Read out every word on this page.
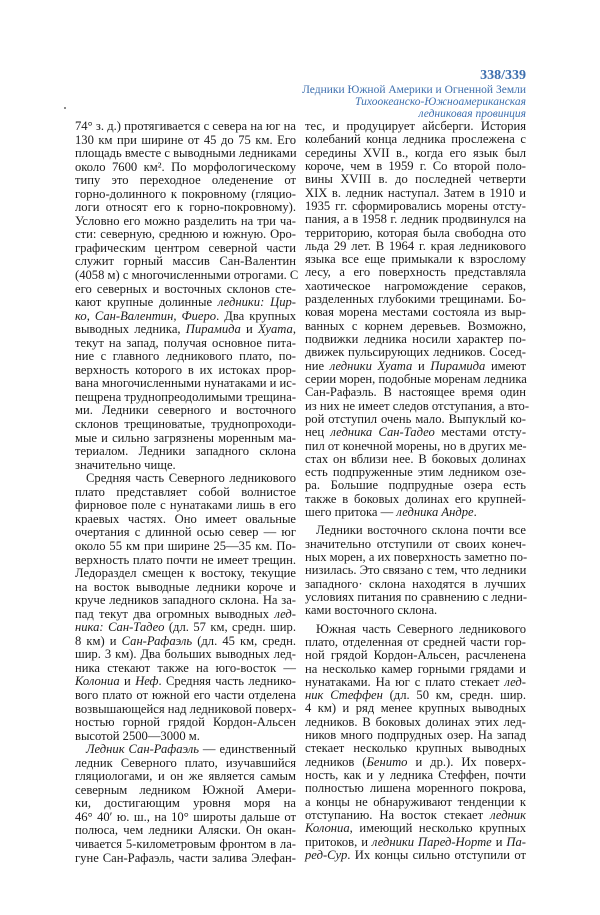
338/339
Ледники Южной Америки и Огненной Земли
Тихоокеанско-Южноамериканская
ледниковая провинция
74° з. д.) протягивается с севера на юг на
130 км при ширине от 45 до 75 км. Его
площадь вместе с выводными ледниками
около 7600 км². По морфологическому
типу это переходное оледенение от
горно-долинного к покровному (гляцио-
логи относят его к горно-покровному).
Условно его можно разделить на три ча-
сти: северную, среднюю и южную. Оро-
графическим центром северной части
служит горный массив Сан-Валентин
(4058 м) с многочисленными отрогами. С
его северных и восточных склонов сте-
кают крупные долинные ледники: Цир-
ко, Сан-Валентин, Фиеро. Два крупных
выводных ледника, Пирамида и Хуата,
текут на запад, получая основное пита-
ние с главного ледникового плато, по-
верхность которого в их истоках прор-
вана многочисленными нунатаками и ис-
пещрена труднопреодолимыми трещина-
ми. Ледники северного и восточного
склонов трещиноватые, труднопроходи-
мые и сильно загрязнены моренным ма-
териалом. Ледники западного склона
значительно чище.
Средняя часть Северного ледникового
плато представляет собой волнистое
фирновое поле с нунатаками лишь в его
краевых частях. Оно имеет овальные
очертания с длинной осью север — юг
около 55 км при ширине 25—35 км. По-
верхность плато почти не имеет трещин.
Ледораздел смещен к востоку, текущие
на восток выводные ледники короче и
круче ледников западного склона. На за-
пад текут два огромных выводных лед-
ника: Сан-Тадео (дл. 57 км, средн. шир.
8 км) и Сан-Рафаэль (дл. 45 км, средн.
шир. 3 км). Два больших выводных лед-
ника стекают также на юго-восток —
Колониа и Неф. Средняя часть леднико-
вого плато от южной его части отделена
возвышающейся над ледниковой поверх-
ностью горной грядой Кордон-Альсен
высотой 2500—3000 м.
Ледник Сан-Рафаэль — единственный
ледник Северного плато, изучавшийся
гляциологами, и он же является самым
северным ледником Южной Амери-
ки, достигающим уровня моря на
46° 40′ ю. ш., на 10° широты дальше от
полюса, чем ледники Аляски. Он окан-
чивается 5-километровым фронтом в ла-
гуне Сан-Рафаэль, части залива Элефан-
тес, и продуцирует айсберги. История
колебаний конца ледника прослежена с
середины XVII в., когда его язык был
короче, чем в 1959 г. Со второй поло-
вины XVIII в. до последней четверти
XIX в. ледник наступал. Затем в 1910 и
1935 гг. сформировались морены отсту-
пания, а в 1958 г. ледник продвинулся на
территорию, которая была свободна ото
льда 29 лет. В 1964 г. края ледникового
языка все еще примыкали к взрослому
лесу, а его поверхность представляла
хаотическое нагромождение сераков,
разделенных глубокими трещинами. Бо-
ковая морена местами состояла из выр-
ванных с корнем деревьев. Возможно,
подвижки ледника носили характер по-
движек пульсирующих ледников. Сосед-
ние ледники Хуата и Пирамида имеют
серии морен, подобные моренам ледника
Сан-Рафаэль. В настоящее время один
из них не имеет следов отступания, а вто-
рой отступил очень мало. Выпуклый ко-
нец ледника Сан-Тадео местами отсту-
пил от конечной морены, но в других ме-
стах он вблизи нее. В боковых долинах
есть подпруженные этим ледником озе-
ра. Большие подпрудные озера есть
также в боковых долинах его крупней-
шего притока — ледника Андре.
Ледники восточного склона почти все
значительно отступили от своих конеч-
ных морен, а их поверхность заметно по-
низилась. Это связано с тем, что ледники
западного· склона находятся в лучших
условиях питания по сравнению с ледни-
ками восточного склона.
Южная часть Северного ледникового
плато, отделенная от средней части гор-
ной грядой Кордон-Альсен, расчленена
на несколько камер горными грядами и
нунатаками. На юг с плато стекает лед-
ник Стеффен (дл. 50 км, средн. шир.
4 км) и ряд менее крупных выводных
ледников. В боковых долинах этих лед-
ников много подпрудных озер. На запад
стекает несколько крупных выводных
ледников (Бенито и др.). Их поверх-
ность, как и у ледника Стеффен, почти
полностью лишена моренного покрова,
а концы не обнаруживают тенденции к
отступанию. На восток стекает ледник
Колониа, имеющий несколько крупных
притоков, и ледники Паред-Норте и Па-
ред-Сур. Их концы сильно отступили от
